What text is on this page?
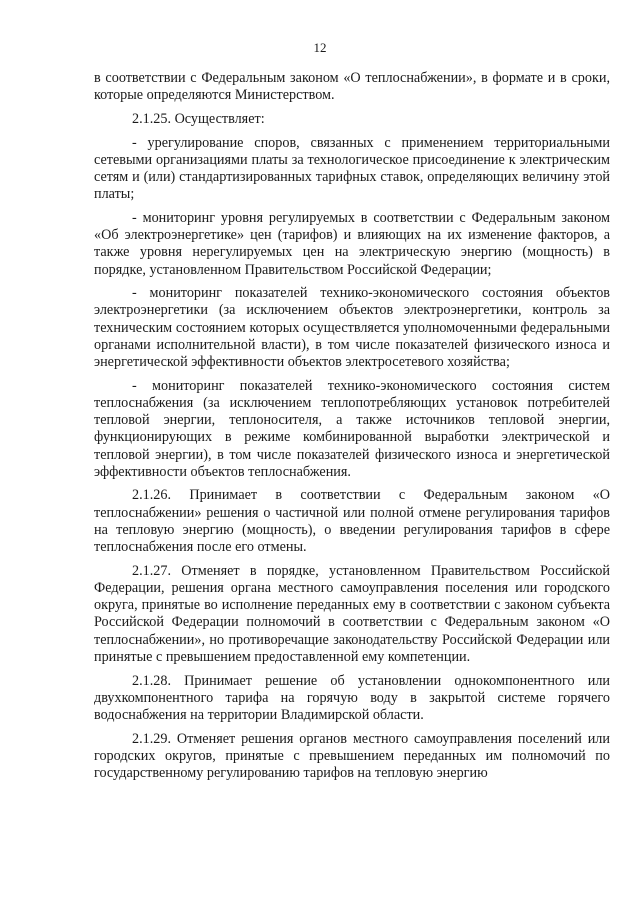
12

в соответствии с Федеральным законом «О теплоснабжении», в формате и в сроки, которые определяются Министерством.

2.1.25. Осуществляет:

- урегулирование споров, связанных с применением территориальными сетевыми организациями платы за технологическое присоединение к электрическим сетям и (или) стандартизированных тарифных ставок, определяющих величину этой платы;

- мониторинг уровня регулируемых в соответствии с Федеральным законом «Об электроэнергетике» цен (тарифов) и влияющих на их изменение факторов, а также уровня нерегулируемых цен на электрическую энергию (мощность) в порядке, установленном Правительством Российской Федерации;

- мониторинг показателей технико-экономического состояния объектов электроэнергетики (за исключением объектов электроэнергетики, контроль за техническим состоянием которых осуществляется уполномоченными федеральными органами исполнительной власти), в том числе показателей физического износа и энергетической эффективности объектов электросетевого хозяйства;

- мониторинг показателей технико-экономического состояния систем теплоснабжения (за исключением теплопотребляющих установок потребителей тепловой энергии, теплоносителя, а также источников тепловой энергии, функционирующих в режиме комбинированной выработки электрической и тепловой энергии), в том числе показателей физического износа и энергетической эффективности объектов теплоснабжения.

2.1.26. Принимает в соответствии с Федеральным законом «О теплоснабжении» решения о частичной или полной отмене регулирования тарифов на тепловую энергию (мощность), о введении регулирования тарифов в сфере теплоснабжения после его отмены.

2.1.27. Отменяет в порядке, установленном Правительством Российской Федерации, решения органа местного самоуправления поселения или городского округа, принятые во исполнение переданных ему в соответствии с законом субъекта Российской Федерации полномочий в соответствии с Федеральным законом «О теплоснабжении», но противоречащие законодательству Российской Федерации или принятые с превышением предоставленной ему компетенции.

2.1.28. Принимает решение об установлении однокомпонентного или двухкомпонентного тарифа на горячую воду в закрытой системе горячего водоснабжения на территории Владимирской области.

2.1.29. Отменяет решения органов местного самоуправления поселений или городских округов, принятые с превышением переданных им полномочий по государственному регулированию тарифов на тепловую энергию
